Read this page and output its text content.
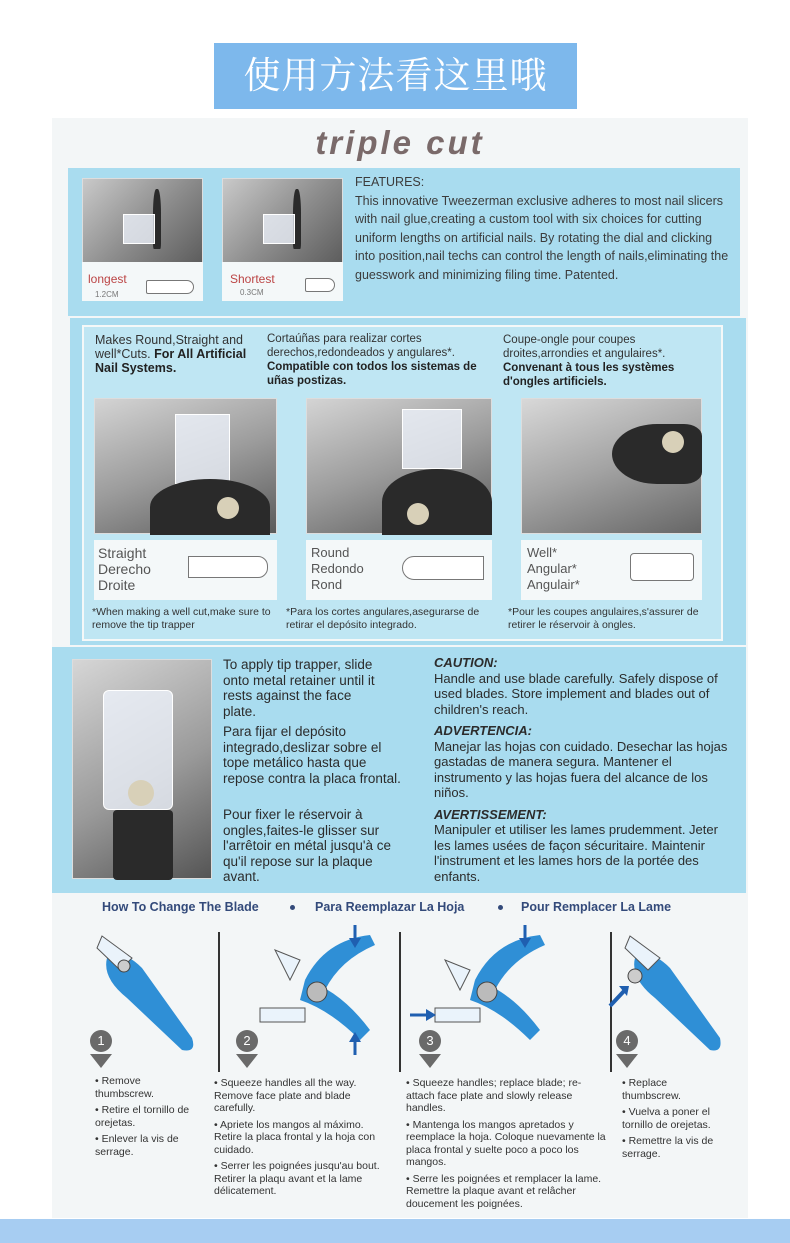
使用方法看这里哦
triple cut
longest
1.2CM
Shortest
0.3CM
FEATURES:
This innovative Tweezerman exclusive adheres to most nail slicers with nail glue,creating a custom tool with six choices for cutting uniform lengths on artificial nails. By rotating the dial and clicking into position,nail techs can control the length of nails,eliminating the guesswork and minimizing filing time. Patented.
Makes Round,Straight and well*Cuts. For All Artificial Nail Systems.
Cortaúñas para realizar cortes derechos,redondeados y angulares*. Compatible con todos los sistemas de uñas postizas.
Coupe-ongle pour coupes droites,arrondies et angulaires*. Convenant à tous les systèmes d'ongles artificiels.
Straight
Derecho
Droite
Round
Redondo
Rond
Well*
Angular*
Angulair*
*When making a well cut,make sure to remove the tip trapper
*Para los cortes angulares,asegurarse de retirar el depósito integrado.
*Pour les coupes angulaires,s'assurer de retirer le réservoir à ongles.
To apply tip trapper, slide onto metal retainer until it rests against the face plate.
Para fijar el depósito integrado,deslizar sobre el tope metálico hasta que repose contra la placa frontal.
Pour fixer le réservoir à ongles,faites-le glisser sur l'arrêtoir en métal jusqu'à ce qu'il repose sur la plaque avant.
CAUTION:
Handle and use blade carefully. Safely dispose of used blades. Store implement and blades out of children's reach.
ADVERTENCIA:
Manejar las hojas con cuidado. Desechar las hojas gastadas de manera segura. Mantener el instrumento y las hojas fuera del alcance de los niños.
AVERTISSEMENT:
Manipuler et utiliser les lames prudemment. Jeter les lames usées de façon sécuritaire. Maintenir l'instrument et les lames hors de la portée des enfants.
How To Change The Blade	Para Reemplazar La Hoja	Pour Remplacer La Lame
1	2	3	4

• Remove thumbscrew.

• Retire el tornillo de orejetas.

• Enlever la vis de serrage.

• Squeeze handles all the way. Remove face plate and blade carefully.

• Apriete los mangos al máximo. Retire la placa frontal y la hoja con cuidado.

• Serrer les poignées jusqu'au bout. Retirer la plaqu avant et la lame délicatement.

• Squeeze handles; replace blade; re-attach face plate and slowly release handles.

• Mantenga los mangos apretados y reemplace la hoja. Coloque nuevamente la placa frontal y suelte poco a poco los mangos.

• Serre les poignées et remplacer la lame. Remettre la plaque avant et relâcher doucement les poignées.

• Replace thumbscrew.

• Vuelva a poner el tornillo de orejetas.

• Remettre la vis de serrage.
